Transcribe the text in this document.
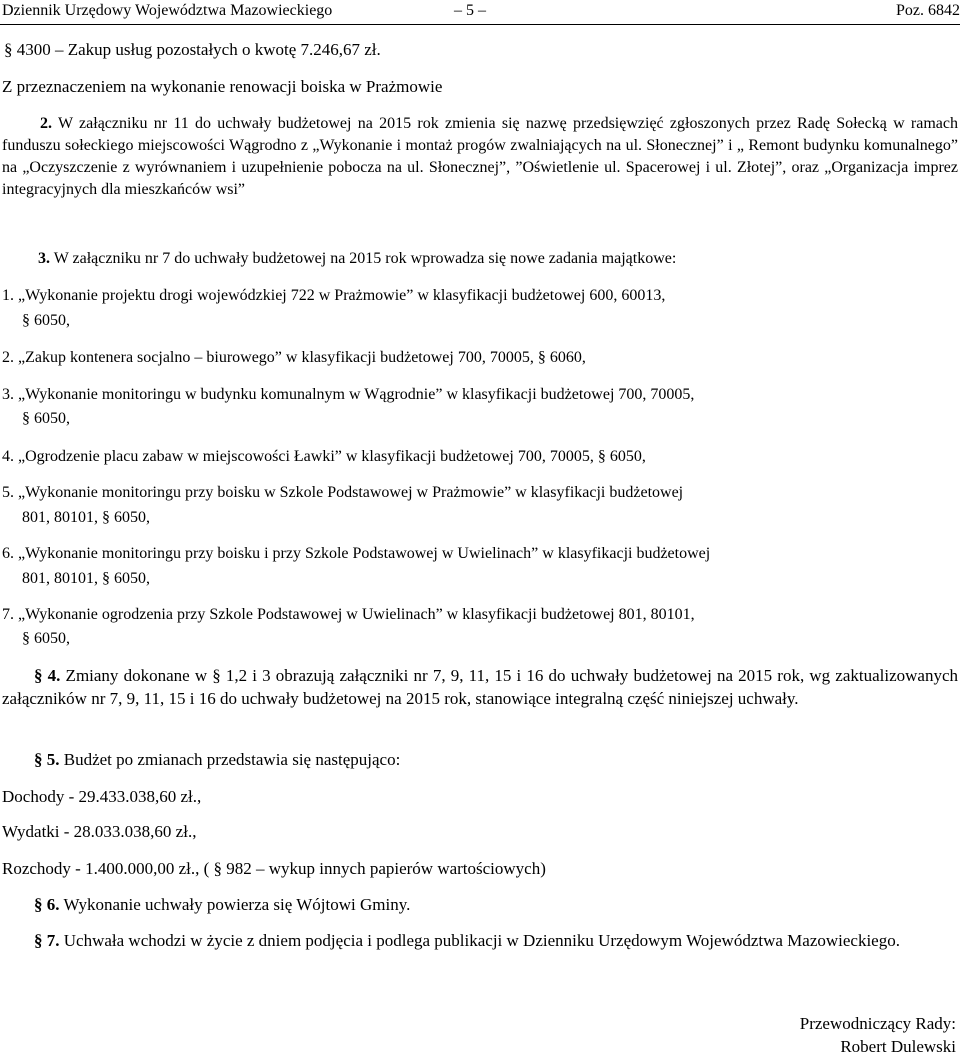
Dziennik Urzędowy Województwa Mazowieckiego	– 5 –	Poz. 6842
§ 4300 – Zakup usług pozostałych o kwotę 7.246,67 zł.
Z przeznaczeniem na wykonanie renowacji boiska w Prażmowie
2. W załączniku nr 11 do uchwały budżetowej na 2015 rok zmienia się nazwę przedsięwzięć zgłoszonych przez Radę Sołecką w ramach funduszu sołeckiego miejscowości Wągrodno z „Wykonanie i montaż progów zwalniających na ul. Słonecznej” i „ Remont budynku komunalnego” na „Oczyszczenie z wyrównaniem i uzupełnienie pobocza na ul. Słonecznej”, ”Oświetlenie ul. Spacerowej i ul. Złotej”, oraz „Organizacja imprez integracyjnych dla mieszkańców wsi”
3. W załączniku nr 7 do uchwały budżetowej na 2015 rok wprowadza się nowe zadania majątkowe:
1. „Wykonanie projektu drogi wojewódzkiej 722 w Prażmowie” w klasyfikacji budżetowej 600, 60013,
§ 6050,
2. „Zakup kontenera socjalno – biurowego” w klasyfikacji budżetowej 700, 70005, § 6060,
3. „Wykonanie monitoringu w budynku komunalnym w Wągrodnie” w klasyfikacji budżetowej 700, 70005,
§ 6050,
4. „Ogrodzenie placu zabaw w miejscowości Ławki” w klasyfikacji budżetowej 700, 70005, § 6050,
5. „Wykonanie monitoringu przy boisku w Szkole Podstawowej w Prażmowie” w klasyfikacji budżetowej
801, 80101, § 6050,
6. „Wykonanie monitoringu przy boisku i przy Szkole Podstawowej w Uwielinach” w klasyfikacji budżetowej
801, 80101, § 6050,
7. „Wykonanie ogrodzenia przy Szkole Podstawowej w Uwielinach” w klasyfikacji budżetowej 801, 80101,
§ 6050,
§ 4. Zmiany dokonane w § 1,2 i 3 obrazują załączniki nr 7, 9, 11, 15 i 16 do uchwały budżetowej na 2015 rok, wg zaktualizowanych załączników nr 7, 9, 11, 15 i 16 do uchwały budżetowej na 2015 rok, stanowiące integralną część niniejszej uchwały.
§ 5. Budżet po zmianach przedstawia się następująco:
Dochody - 29.433.038,60 zł.,
Wydatki - 28.033.038,60 zł.,
Rozchody - 1.400.000,00 zł., ( § 982 – wykup innych papierów wartościowych)
§ 6. Wykonanie uchwały powierza się Wójtowi Gminy.
§ 7. Uchwała wchodzi w życie z dniem podjęcia i podlega publikacji w Dzienniku Urzędowym Województwa Mazowieckiego.
Przewodniczący Rady:
Robert Dulewski
